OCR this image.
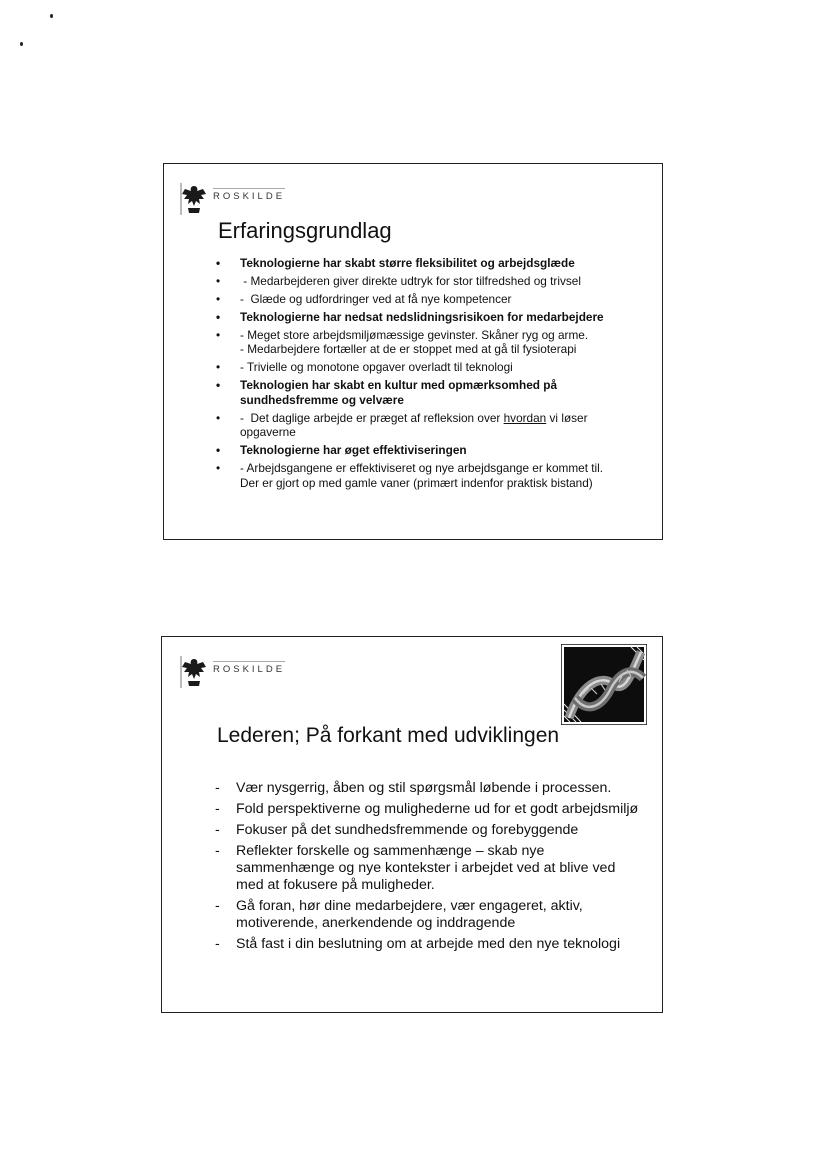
ROSKILDE
Erfaringsgrundlag
• Teknologierne har skabt større fleksibilitet og arbejdsglæde
• - Medarbejderen giver direkte udtryk for stor tilfredshed og trivsel
• -  Glæde og udfordringer ved at få nye kompetencer
• Teknologierne har nedsat nedslidningsrisikoen for medarbejdere
• - Meget store arbejdsmiljømæssige gevinster. Skåner ryg og arme.
- Medarbejdere fortæller at de er stoppet med at gå til fysioterapi
• - Trivielle og monotone opgaver overladt til teknologi
• Teknologien har skabt en kultur med opmærksomhed på
sundhedsfremme og velvære
• -  Det daglige arbejde er præget af refleksion over hvordan vi løser
opgaverne
• Teknologierne har øget effektiviseringen
• - Arbejdsgangene er effektiviseret og nye arbejdsgange er kommet til.
Der er gjort op med gamle vaner (primært indenfor praktisk bistand)
ROSKILDE
Lederen; På forkant med udviklingen
- Vær nysgerrig, åben og stil spørgsmål løbende i processen.
- Fold perspektiverne og mulighederne ud for et godt arbejdsmiljø
- Fokuser på det sundhedsfremmende og forebyggende
- Reflekter forskelle og sammenhænge – skab nye
sammenhænge og nye kontekster i arbejdet ved at blive ved
med at fokusere på muligheder.
- Gå foran, hør dine medarbejdere, vær engageret, aktiv,
motiverende, anerkendende og inddragende
- Stå fast i din beslutning om at arbejde med den nye teknologi
